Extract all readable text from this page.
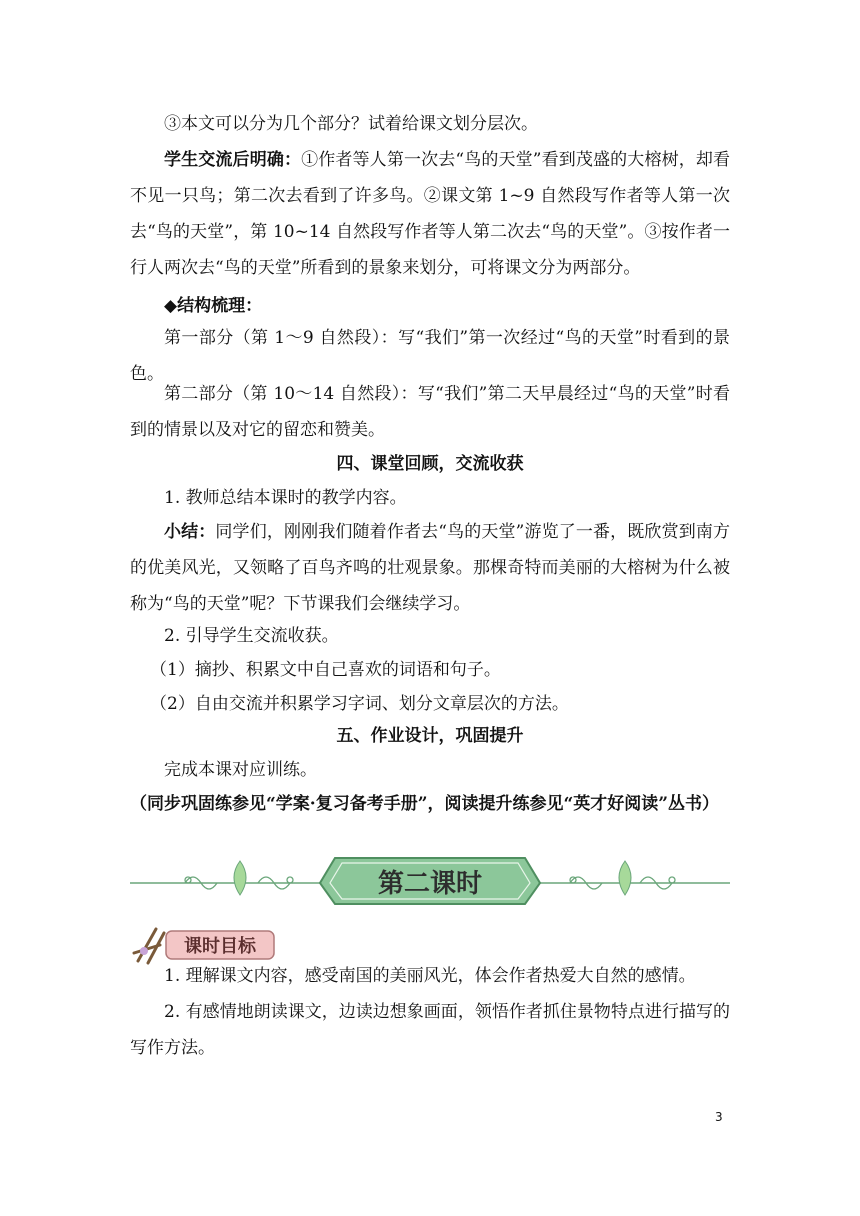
③本文可以分为几个部分？试着给课文划分层次。

学生交流后明确：①作者等人第一次去“鸟的天堂”看到茂盛的大榕树，却看不见一只鸟；第二次去看到了许多鸟。②课文第 1~9 自然段写作者等人第一次去“鸟的天堂”，第 10~14 自然段写作者等人第二次去“鸟的天堂”。③按作者一行人两次去“鸟的天堂”所看到的景象来划分，可将课文分为两部分。

◆结构梳理：

第一部分（第 1～9 自然段）：写“我们”第一次经过“鸟的天堂”时看到的景色。

第二部分（第 10～14 自然段）：写“我们”第二天早晨经过“鸟的天堂”时看到的情景以及对它的留恋和赞美。

四、课堂回顾，交流收获

1. 教师总结本课时的教学内容。

小结：同学们，刚刚我们随着作者去“鸟的天堂”游览了一番，既欣赏到南方的优美风光，又领略了百鸟齐鸣的壮观景象。那棵奇特而美丽的大榕树为什么被称为“鸟的天堂”呢？下节课我们会继续学习。

2. 引导学生交流收获。

（1）摘抄、积累文中自己喜欢的词语和句子。

（2）自由交流并积累学习字词、划分文章层次的方法。

五、作业设计，巩固提升

完成本课对应训练。

（同步巩固练参见“学案·复习备考手册”，阅读提升练参见“英才好阅读”丛书）

第二课时
课时目标

1. 理解课文内容，感受南国的美丽风光，体会作者热爱大自然的感情。

2. 有感情地朗读课文，边读边想象画面，领悟作者抓住景物特点进行描写的写作方法。

3
